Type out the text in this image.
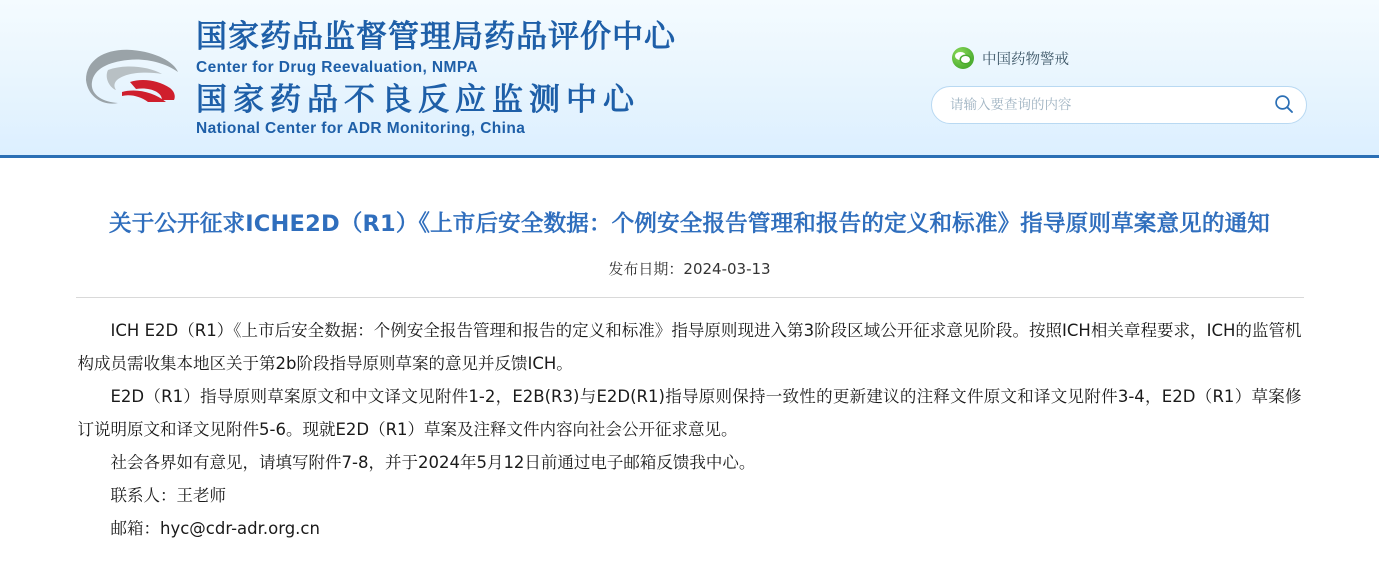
国家药品监督管理局药品评价中心
Center for Drug Reevaluation, NMPA
国家药品不良反应监测中心
National Center for ADR Monitoring, China
中国药物警戒
请输入要查询的内容
关于公开征求ICHE2D（R1）《上市后安全数据：个例安全报告管理和报告的定义和标准》指导原则草案意见的通知
发布日期：2024-03-13

ICH E2D（R1）《上市后安全数据：个例安全报告管理和报告的定义和标准》指导原则现进入第3阶段区域公开征求意见阶段。按照ICH相关章程要求，ICH的监管机构成员需收集本地区关于第2b阶段指导原则草案的意见并反馈ICH。

E2D（R1）指导原则草案原文和中文译文见附件1-2，E2B(R3)与E2D(R1)指导原则保持一致性的更新建议的注释文件原文和译文见附件3-4，E2D（R1）草案修订说明原文和译文见附件5-6。现就E2D（R1）草案及注释文件内容向社会公开征求意见。

社会各界如有意见，请填写附件7-8，并于2024年5月12日前通过电子邮箱反馈我中心。

联系人：王老师

邮箱：hyc@cdr-adr.org.cn
